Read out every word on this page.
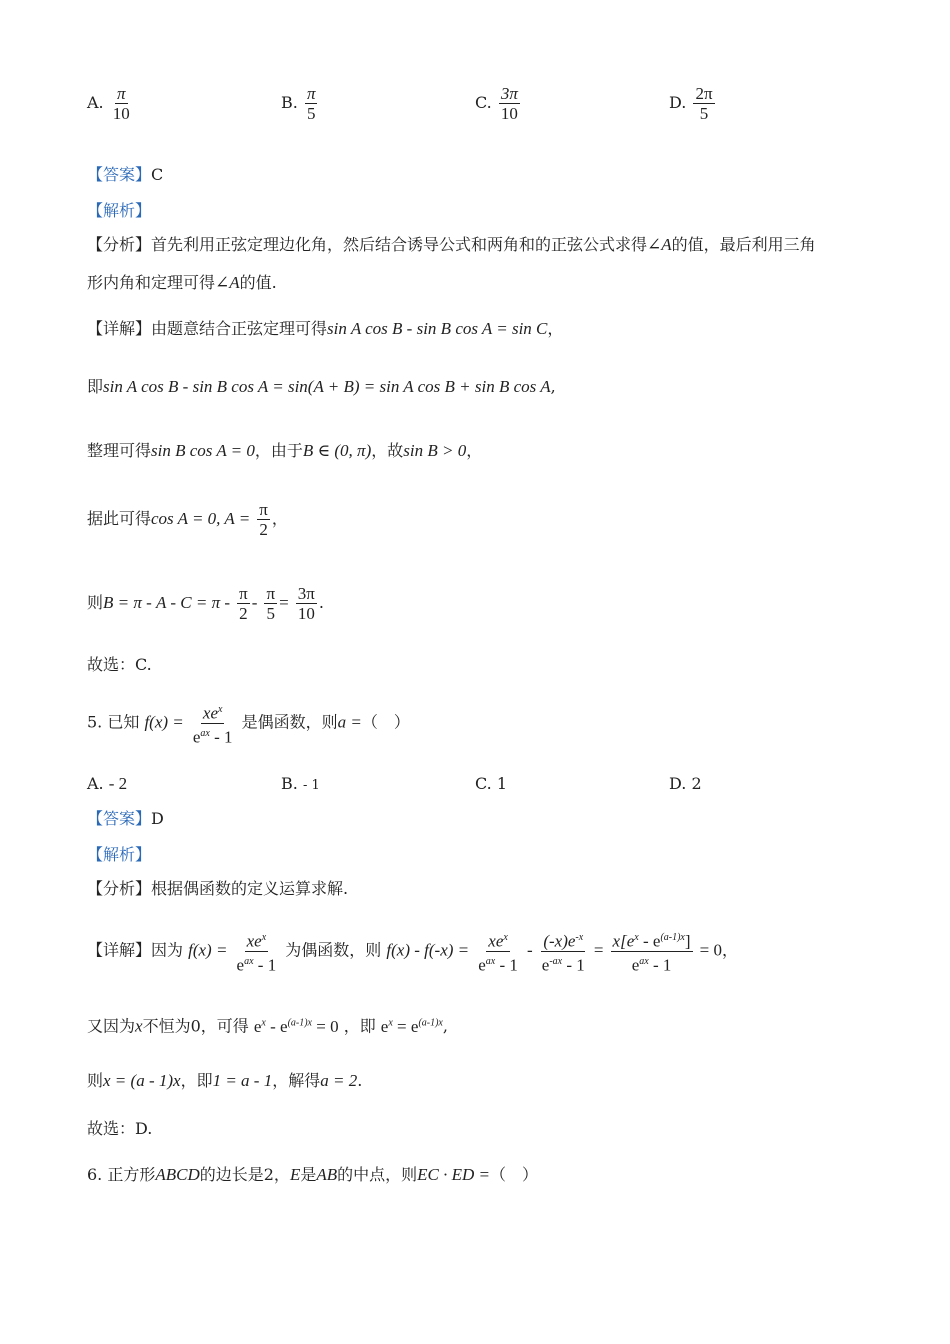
A. $\frac{\pi}{10}$	B. $\frac{\pi}{5}$	C. $\frac{3\pi}{10}$	D. $\frac{2\pi}{5}$
【答案】C
【解析】
【分析】首先利用正弦定理边化角，然后结合诱导公式和两角和的正弦公式求得∠A的值，最后利用三角
形内角和定理可得∠A的值.
【详解】由题意结合正弦定理可得sin A cos B - sin B cos A = sin C，
即sin A cos B - sin B cos A = sin(A + B) = sin A cos B + sin B cos A,
整理可得sin B cos A = 0，由于B ∈ (0, π)，故sin B > 0，
据此可得cos A = 0, $A = \frac{\pi}{2}$ ，
则$B = \pi - A - C = \pi - \frac{\pi}{2} - \frac{\pi}{5} = \frac{3\pi}{10}$ .
故选：C.
5. 已知 $f(x) = \frac{xe^x}{e^{ax} - 1}$ 是偶函数，则a =（　）
A. - 2	B. - 1	C. 1	D. 2
【答案】D
【解析】
【分析】根据偶函数的定义运算求解.
【详解】因为 $f(x) = \frac{xe^x}{e^{ax} - 1}$ 为偶函数，则 $f(x) - f(-x) = \frac{xe^x}{e^{ax} - 1} - \frac{(-x)e^{-x}}{e^{-ax} - 1} = \frac{x[e^x - e^{(a-1)x}]}{e^{ax} - 1} = 0$，
又因为x不恒为0，可得 $e^x - e^{(a-1)x} = 0$ ，即 $e^x = e^{(a-1)x}$,
则x = (a - 1)x，即1 = a - 1，解得a = 2.
故选：D.
6. 正方形ABCD的边长是2，E是AB的中点，则EC · ED =（　）
